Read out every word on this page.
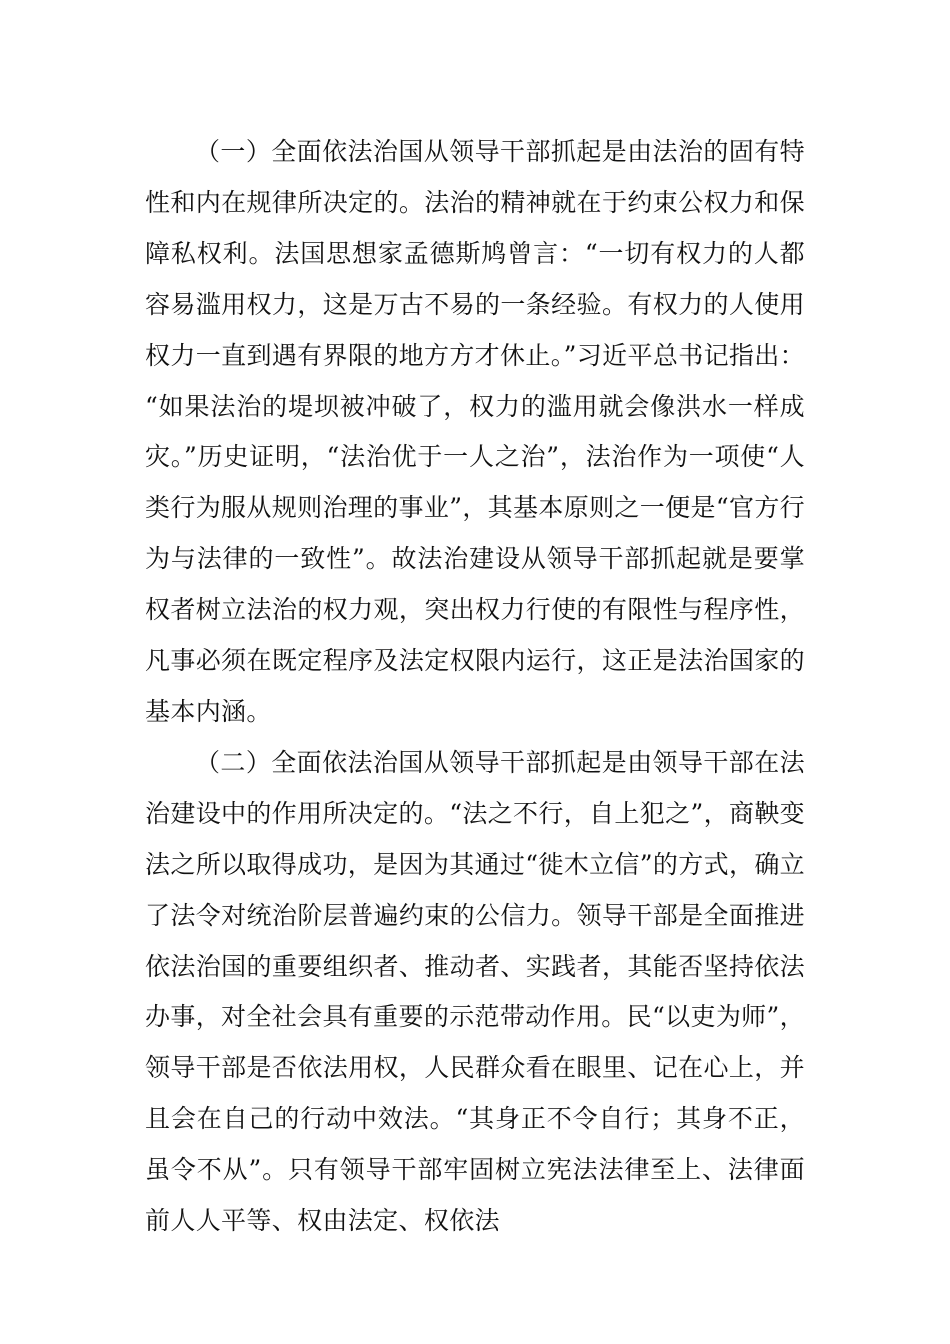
（一）全面依法治国从领导干部抓起是由法治的固有特性和内在规律所决定的。法治的精神就在于约束公权力和保障私权利。法国思想家孟德斯鸠曾言：“一切有权力的人都容易滥用权力，这是万古不易的一条经验。有权力的人使用权力一直到遇有界限的地方方才休止。”习近平总书记指出：“如果法治的堤坝被冲破了，权力的滥用就会像洪水一样成灾。”历史证明，“法治优于一人之治”，法治作为一项使“人类行为服从规则治理的事业”，其基本原则之一便是“官方行为与法律的一致性”。故法治建设从领导干部抓起就是要掌权者树立法治的权力观，突出权力行使的有限性与程序性，凡事必须在既定程序及法定权限内运行，这正是法治国家的基本内涵。

（二）全面依法治国从领导干部抓起是由领导干部在法治建设中的作用所决定的。“法之不行，自上犯之”，商鞅变法之所以取得成功，是因为其通过“徙木立信”的方式，确立了法令对统治阶层普遍约束的公信力。领导干部是全面推进依法治国的重要组织者、推动者、实践者，其能否坚持依法办事，对全社会具有重要的示范带动作用。民“以吏为师”，领导干部是否依法用权，人民群众看在眼里、记在心上，并且会在自己的行动中效法。“其身正不令自行；其身不正，虽令不从”。只有领导干部牢固树立宪法法律至上、法律面前人人平等、权由法定、权依法
